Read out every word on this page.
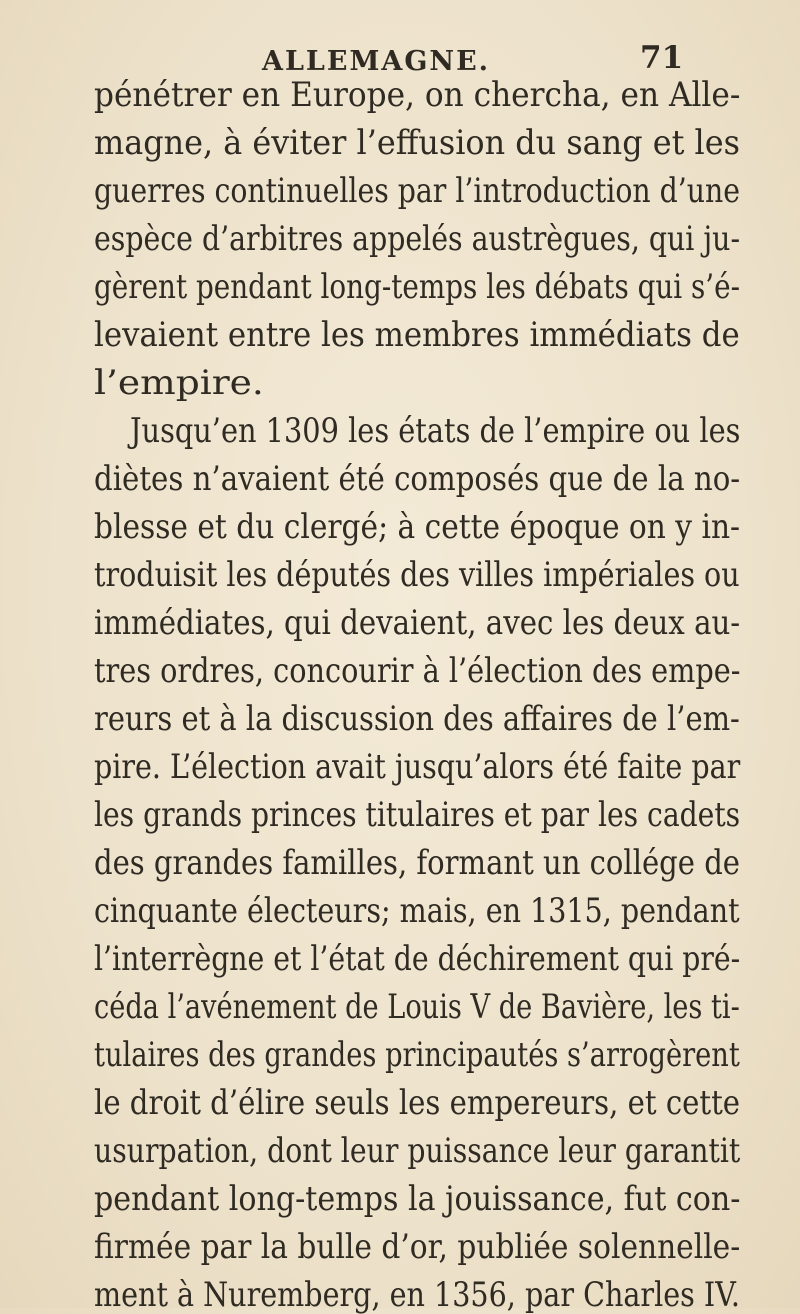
ALLEMAGNE.	71
pénétrer en Europe, on chercha, en Alle-
magne, à éviter l’effusion du sang et les
guerres continuelles par l’introduction d’une
espèce d’arbitres appelés austrègues, qui ju-
gèrent pendant long-temps les débats qui s’é-
levaient entre les membres immédiats de
l’empire.
Jusqu’en 1309 les états de l’empire ou les
diètes n’avaient été composés que de la no-
blesse et du clergé; à cette époque on y in-
troduisit les députés des villes impériales ou
immédiates, qui devaient, avec les deux au-
tres ordres, concourir à l’élection des empe-
reurs et à la discussion des affaires de l’em-
pire. L’élection avait jusqu’alors été faite par
les grands princes titulaires et par les cadets
des grandes familles, formant un collége de
cinquante électeurs; mais, en 1315, pendant
l’interrègne et l’état de déchirement qui pré-
céda l’avénement de Louis V de Bavière, les ti-
tulaires des grandes principautés s’arrogèrent
le droit d’élire seuls les empereurs, et cette
usurpation, dont leur puissance leur garantit
pendant long-temps la jouissance, fut con-
firmée par la bulle d’or, publiée solennelle-
ment à Nuremberg, en 1356, par Charles IV.
